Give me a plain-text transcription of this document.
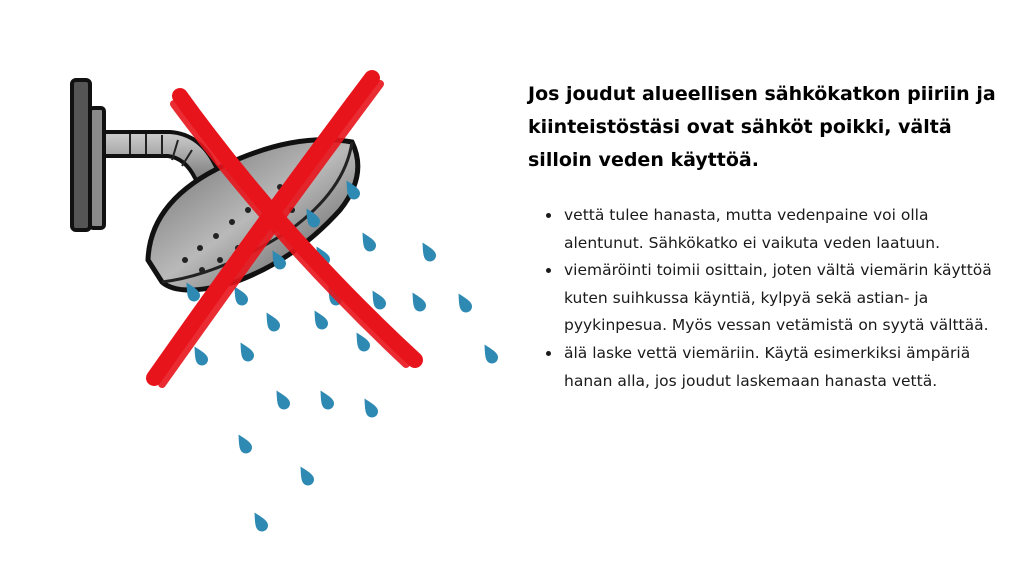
Jos joudut alueellisen sähkökatkon piiriin ja kiinteistöstäsi ovat sähköt poikki, vältä silloin veden käyttöä.
• vettä tulee hanasta, mutta vedenpaine voi olla alentunut. Sähkökatko ei vaikuta veden laatuun.
• viemäröinti toimii osittain, joten vältä viemärin käyttöä kuten suihkussa käyntiä, kylpyä sekä astian- ja pyykinpesua. Myös vessan vetämistä on syytä välttää.
• älä laske vettä viemäriin. Käytä esimerkiksi ämpäriä hanan alla, jos joudut laskemaan hanasta vettä.
